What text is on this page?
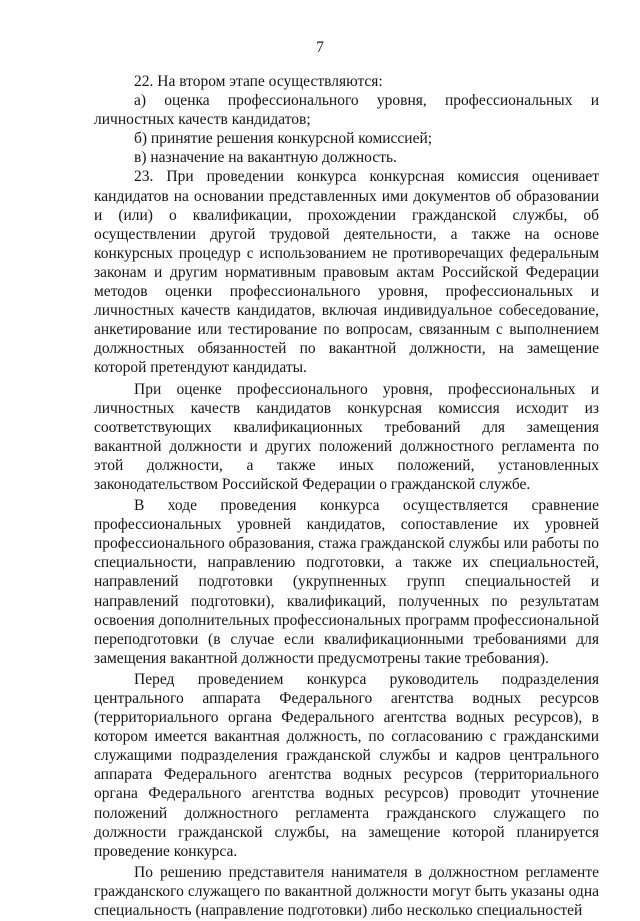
7

22. На втором этапе осуществляются:

а) оценка профессионального уровня, профессиональных и личностных качеств кандидатов;

б) принятие решения конкурсной комиссией;

в) назначение на вакантную должность.

23. При проведении конкурса конкурсная комиссия оценивает кандидатов на основании представленных ими документов об образовании и (или) о квалификации, прохождении гражданской службы, об осуществлении другой трудовой деятельности, а также на основе конкурсных процедур с использованием не противоречащих федеральным законам и другим нормативным правовым актам Российской Федерации методов оценки профессионального уровня, профессиональных и личностных качеств кандидатов, включая индивидуальное собеседование, анкетирование или тестирование по вопросам, связанным с выполнением должностных обязанностей по вакантной должности, на замещение которой претендуют кандидаты.

При оценке профессионального уровня, профессиональных и личностных качеств кандидатов конкурсная комиссия исходит из соответствующих квалификационных требований для замещения вакантной должности и других положений должностного регламента по этой должности, а также иных положений, установленных законодательством Российской Федерации о гражданской службе.

В ходе проведения конкурса осуществляется сравнение профессиональных уровней кандидатов, сопоставление их уровней профессионального образования, стажа гражданской службы или работы по специальности, направлению подготовки, а также их специальностей, направлений подготовки (укрупненных групп специальностей и направлений подготовки), квалификаций, полученных по результатам освоения дополнительных профессиональных программ профессиональной переподготовки (в случае если квалификационными требованиями для замещения вакантной должности предусмотрены такие требования).

Перед проведением конкурса руководитель подразделения центрального аппарата Федерального агентства водных ресурсов (территориального органа Федерального агентства водных ресурсов), в котором имеется вакантная должность, по согласованию с гражданскими служащими подразделения гражданской службы и кадров центрального аппарата Федерального агентства водных ресурсов (территориального органа Федерального агентства водных ресурсов) проводит уточнение положений должностного регламента гражданского служащего по должности гражданской службы, на замещение которой планируется проведение конкурса.

По решению представителя нанимателя в должностном регламенте гражданского служащего по вакантной должности могут быть указаны одна специальность (направление подготовки) либо несколько специальностей
